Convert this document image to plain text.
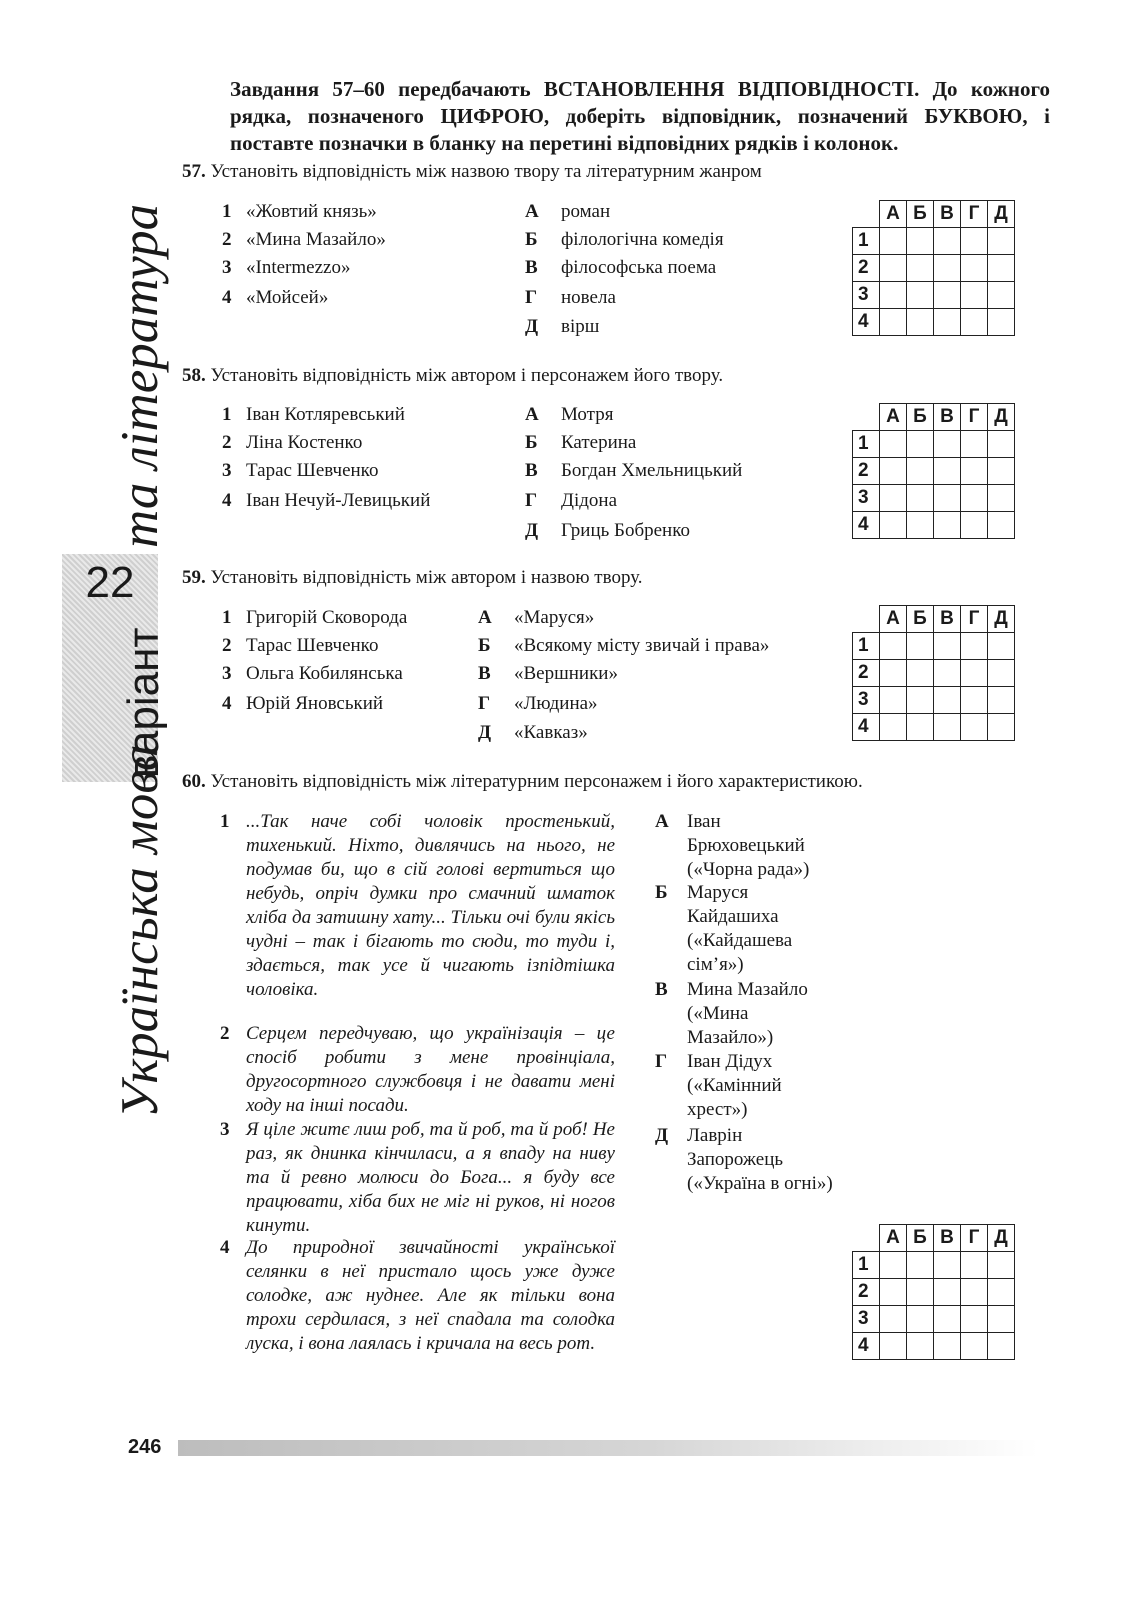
та література
22
варіант
Українська мова
Завдання 57–60 передбачають ВСТАНОВЛЕННЯ ВІДПОВІДНОСТІ. До кожного рядка, позначеного ЦИФРОЮ, доберіть відповідник, позначений БУКВОЮ, і поставте позначки в бланку на перетині відповідних рядків і колонок.
57. Установіть відповідність між назвою твору та літературним жанром
1 «Жовтий князь»
2 «Мина Мазайло»
3 «Intermezzo»
4 «Мойсей»
А роман
Б філологічна комедія
В філософська поема
Г новела
Д вірш
	А	Б	В	Г	Д
1					
2					
3					
4					
58. Установіть відповідність між автором і персонажем його твору.
1 Іван Котляревський
2 Ліна Костенко
3 Тарас Шевченко
4 Іван Нечуй-Левицький
А Мотря
Б Катерина
В Богдан Хмельницький
Г Дідона
Д Гриць Бобренко
	А	Б	В	Г	Д
1					
2					
3					
4					
59. Установіть відповідність між автором і назвою твору.
1 Григорій Сковорода
2 Тарас Шевченко
3 Ольга Кобилянська
4 Юрій Яновський
А «Маруся»
Б «Всякому місту звичай і права»
В «Вершники»
Г «Людина»
Д «Кавказ»
	А	Б	В	Г	Д
1					
2					
3					
4					
60. Установіть відповідність між літературним персонажем і його характеристикою.
1 ...Так наче собі чоловік простенький, тихенький. Ніхто, дивлячись на нього, не подумав би, що в сій голові вертиться що небудь, опріч думки про смачний шматок хліба да затишну хату... Тільки очі були якісь чудні – так і бігають то сюди, то туди і, здається, так усе й чигають ізпідтішка чоловіка.
2 Серцем передчуваю, що українізація – це спосіб робити з мене провінціала, другосортного службовця і не давати мені ходу на інші посади.
3 Я ціле житє лиш роб, та й роб, та й роб! Не раз, як днинка кінчиласи, а я впаду на ниву та й ревно молюси до Бога... я буду все працювати, хіба бих не міг ні руков, ні ногов кинути.
4 До природної звичайності української селянки в неї пристало щось уже дуже солодке, аж нуднее. Але як тільки вона трохи сердилася, з неї спадала та солодка луска, і вона лаялась і кричала на весь рот.
А Іван Брюховецький («Чорна рада»)
Б Маруся Кайдашиха («Кайдашева сім’я»)
В Мина Мазайло («Мина Мазайло»)
Г Іван Дідух («Камінний хрест»)
Д Лаврін Запорожець («Україна в огні»)
	А	Б	В	Г	Д
1					
2					
3					
4					
246
